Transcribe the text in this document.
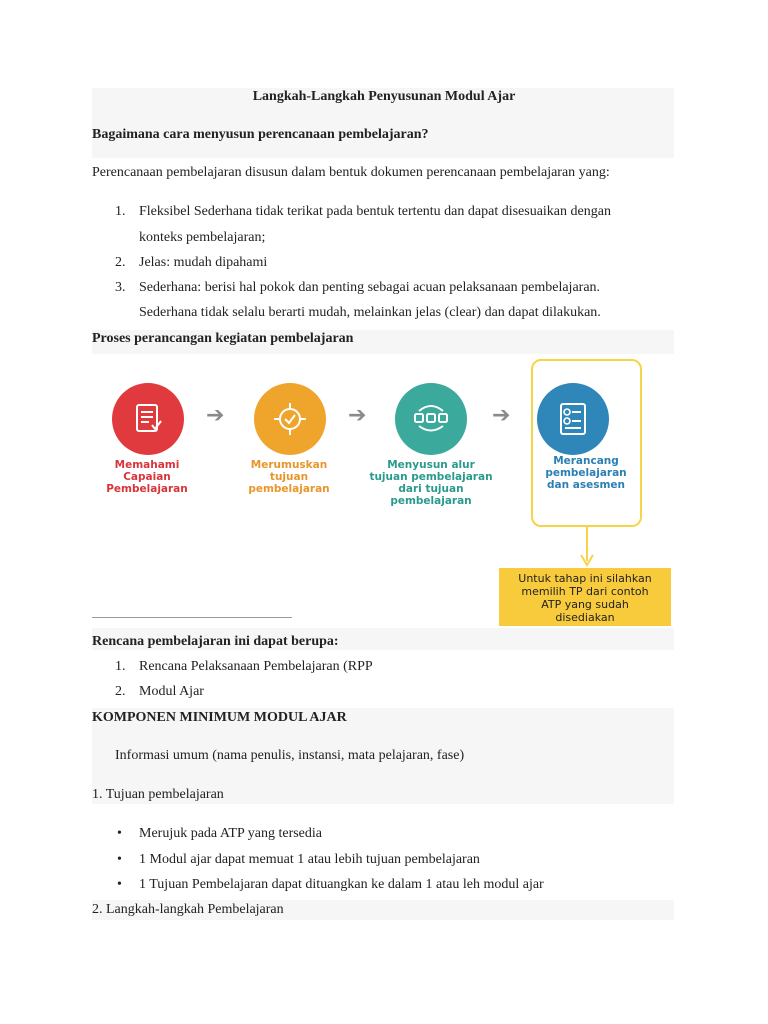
Langkah-Langkah Penyusunan Modul Ajar
Bagaimana cara menyusun perencanaan pembelajaran?
Perencanaan pembelajaran disusun dalam bentuk dokumen perencanaan pembelajaran yang:
1. Fleksibel Sederhana tidak terikat pada bentuk tertentu dan dapat disesuaikan dengan
konteks pembelajaran;
2. Jelas: mudah dipahami
3. Sederhana: berisi hal pokok dan penting sebagai acuan pelaksanaan pembelajaran.
Sederhana tidak selalu berarti mudah, melainkan jelas (clear) dan dapat dilakukan.
Proses perancangan kegiatan pembelajaran
Memahami
Capaian
Pembelajaran
➔
Merumuskan
tujuan
pembelajaran
➔
Menyusun alur
tujuan pembelajaran
dari tujuan
pembelajaran
➔
Merancang
pembelajaran
dan asesmen
Untuk tahap ini silahkan
memilih TP dari contoh
ATP yang sudah
disediakan
Rencana pembelajaran ini dapat berupa:
1. Rencana Pelaksanaan Pembelajaran (RPP
2. Modul Ajar
KOMPONEN MINIMUM MODUL AJAR
Informasi umum (nama penulis, instansi, mata pelajaran, fase)
1. Tujuan pembelajaran
• Merujuk pada ATP yang tersedia
• 1 Modul ajar dapat memuat 1 atau lebih tujuan pembelajaran
• 1 Tujuan Pembelajaran dapat dituangkan ke dalam 1 atau leh modul ajar
2. Langkah-langkah Pembelajaran
